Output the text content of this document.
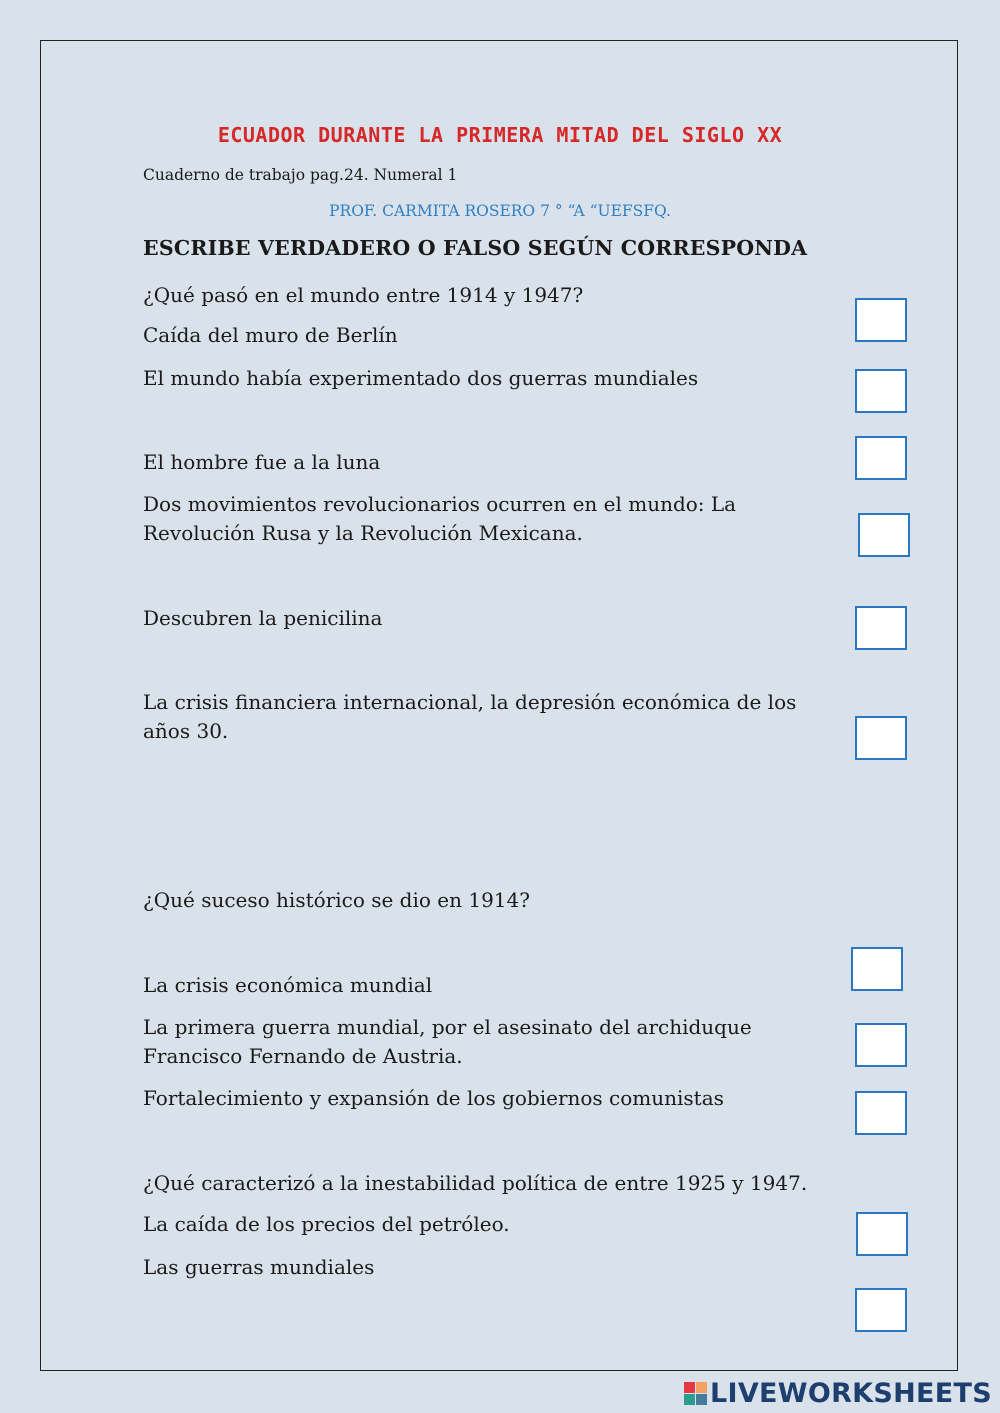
ECUADOR DURANTE LA PRIMERA MITAD DEL SIGLO XX
Cuaderno de trabajo pag.24. Numeral 1
PROF. CARMITA ROSERO 7 ° “A “UEFSFQ.
ESCRIBE VERDADERO O FALSO SEGÚN CORRESPONDA
¿Qué pasó en el mundo entre 1914 y 1947?
Caída del muro de Berlín
El mundo había experimentado dos guerras mundiales
El hombre fue a la luna
Dos movimientos revolucionarios ocurren en el mundo: La
Revolución Rusa y la Revolución Mexicana.
Descubren la penicilina
La crisis financiera internacional, la depresión económica de los
años 30.
¿Qué suceso histórico se dio en 1914?
La crisis económica mundial
La primera guerra mundial, por el asesinato del archiduque
Francisco Fernando de Austria.
Fortalecimiento y expansión de los gobiernos comunistas
¿Qué caracterizó a la inestabilidad política de entre 1925 y 1947.
La caída de los precios del petróleo.
Las guerras mundiales
LIVEWORKSHEETS
